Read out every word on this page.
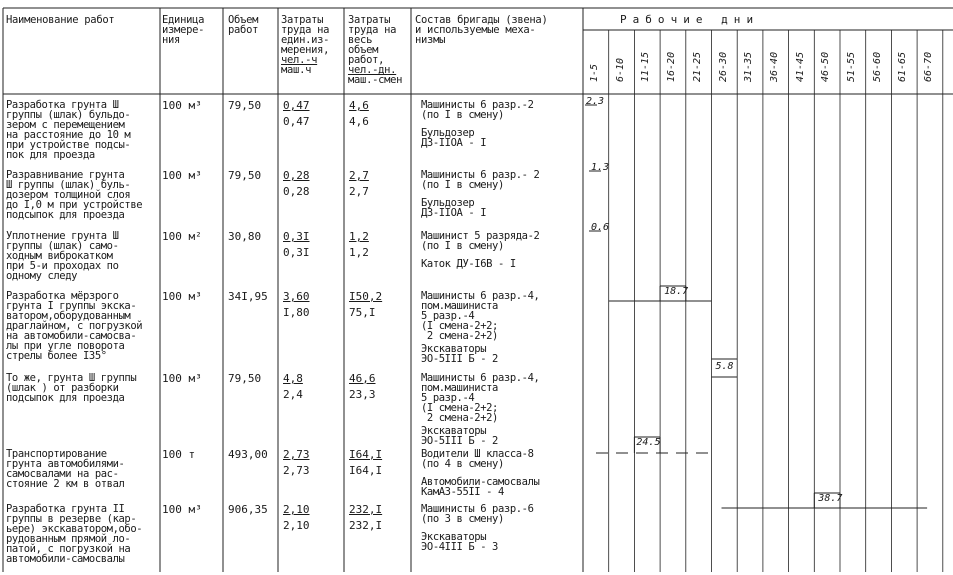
Наименование работ	Единица
измере-
ния
Объем
работ
Затраты
труда на
един.из-
мерения,
чел.-ч
маш.ч
Затраты
труда на
весь
объем
работ,
чел.-дн.
маш.-смен
Состав бригады (звена)
и используемые меха-
низмы
Р а б о ч и е   д н и
1-5 6-10 11-15 16-20 21-25 26-30 31-35 36-40 41-45 46-50 51-55 56-60 61-65 66-70
Разработка грунта Ш
группы (шлак) бульдо-
зером с перемещением
на расстояние до 10 м
при устройстве подсы-
пок для проезда
100 м³ 79,50 0,47
0,47
4,6
4,6
Машинисты 6 разр.-2
(по I в смену)
Бульдозер
ДЗ-IIОА - I
Разравнивание грунта
Ш группы (шлак) буль-
дозером толщиной слоя
до I,0 м при устройстве
подсыпок для проезда
100 м³ 79,50 0,28
0,28
2,7
2,7
Машинисты 6 разр.- 2
(по I в смену)
Бульдозер
ДЗ-IIОА - I
Уплотнение грунта Ш
группы (шлак) само-
ходным виброкатком
при 5-и проходах по
одному следу
100 м² 30,80 0,3I
0,3I
1,2
1,2
Машинист 5 разряда-2
(по I в смену)
Каток ДУ-I6В - I
Разработка мёрзрого
грунта I группы экска-
ватором,оборудованным
драглайном, с погрузкой
на автомобили-самосва-
лы при угле поворота
стрелы более I35°
100 м³ 34I,95 3,60
I,80
I50,2
75,I
Машинисты 6 разр.-4,
пом.машиниста
5 разр.-4
(I смена-2+2;
2 смена-2+2)
Экскаваторы
ЭО-5III Б - 2
То же, грунта Ш группы
(шлак ) от разборки
подсыпок для проезда
100 м³ 79,50 4,8
2,4
46,6
23,3
Машинисты 6 разр.-4,
пом.машиниста
5 разр.-4
(I смена-2+2;
2 смена-2+2)
Экскаваторы
ЭО-5III Б - 2
Транспортирование
грунта автомобилями-
самосвалами на рас-
стояние 2 км в отвал
100 т	493,00 2,73
2,73
I64,I
I64,I
Водители Ш класса-8
(по 4 в смену)
Автомобили-самосвалы
КамАЗ-55II - 4
Разработка грунта II
группы в резерве (кар-
ьере) экскаватором,обо-
рудованным прямой ло-
патой, с погрузкой на
автомобили-самосвалы
100 м³ 906,35 2,10
2,10
232,I
232,I
Машинисты 6 разр.-6
(по 3 в смену)
Экскаваторы
ЭО-4III Б - 3
2.3
1.3
0.6
18.7
5.8
24.5
38.7
